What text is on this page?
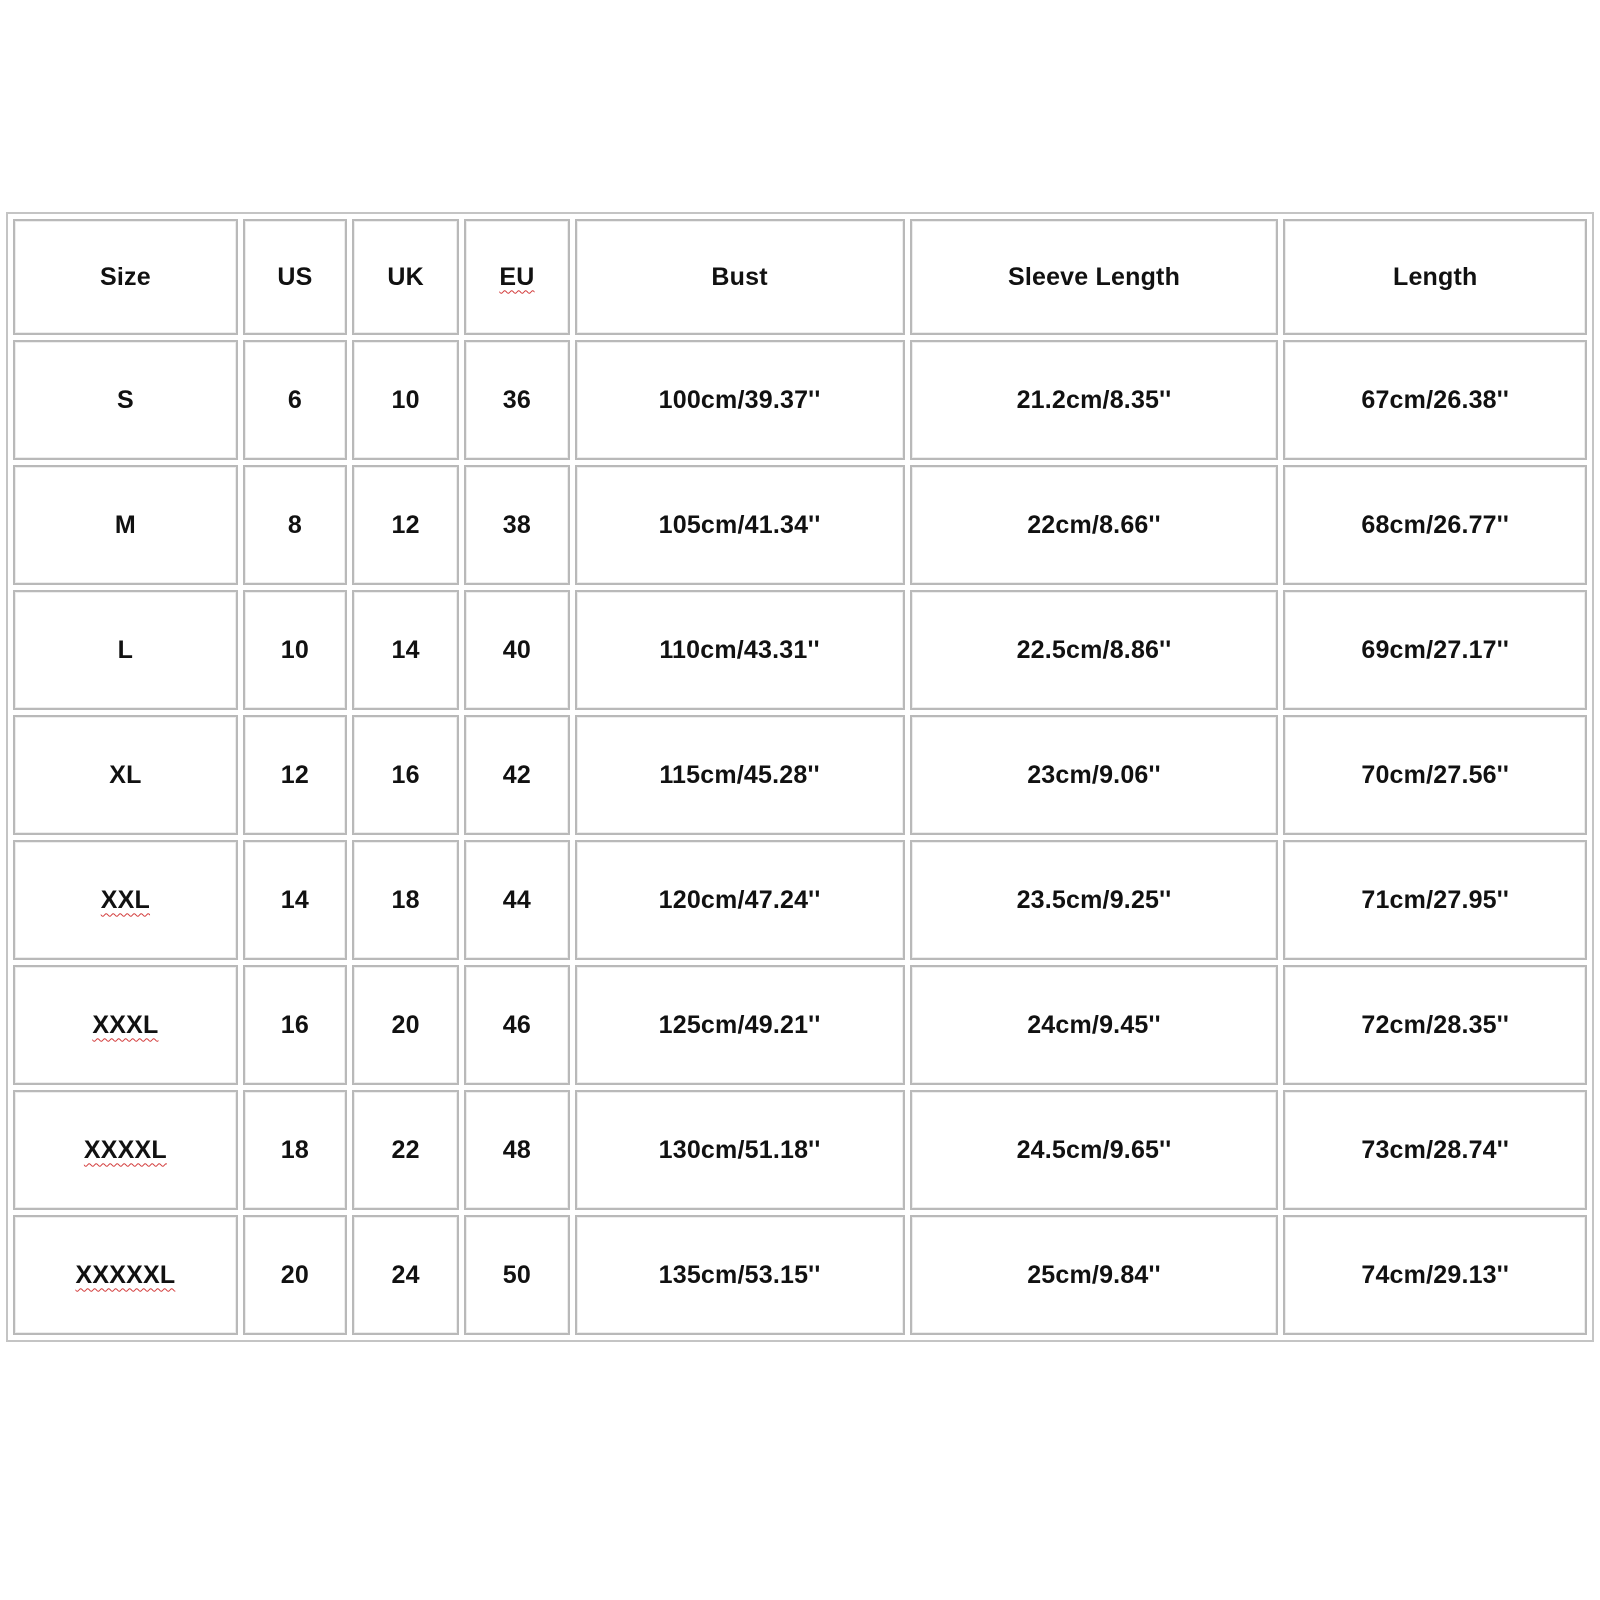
Size	US	UK	EU	Bust	Sleeve Length	Length
S	6	10	36	100cm/39.37''	21.2cm/8.35''	67cm/26.38''
M	8	12	38	105cm/41.34''	22cm/8.66''	68cm/26.77''
L	10	14	40	110cm/43.31''	22.5cm/8.86''	69cm/27.17''
XL	12	16	42	115cm/45.28''	23cm/9.06''	70cm/27.56''
XXL	14	18	44	120cm/47.24''	23.5cm/9.25''	71cm/27.95''
XXXL	16	20	46	125cm/49.21''	24cm/9.45''	72cm/28.35''
XXXXL	18	22	48	130cm/51.18''	24.5cm/9.65''	73cm/28.74''
XXXXXL	20	24	50	135cm/53.15''	25cm/9.84''	74cm/29.13''
